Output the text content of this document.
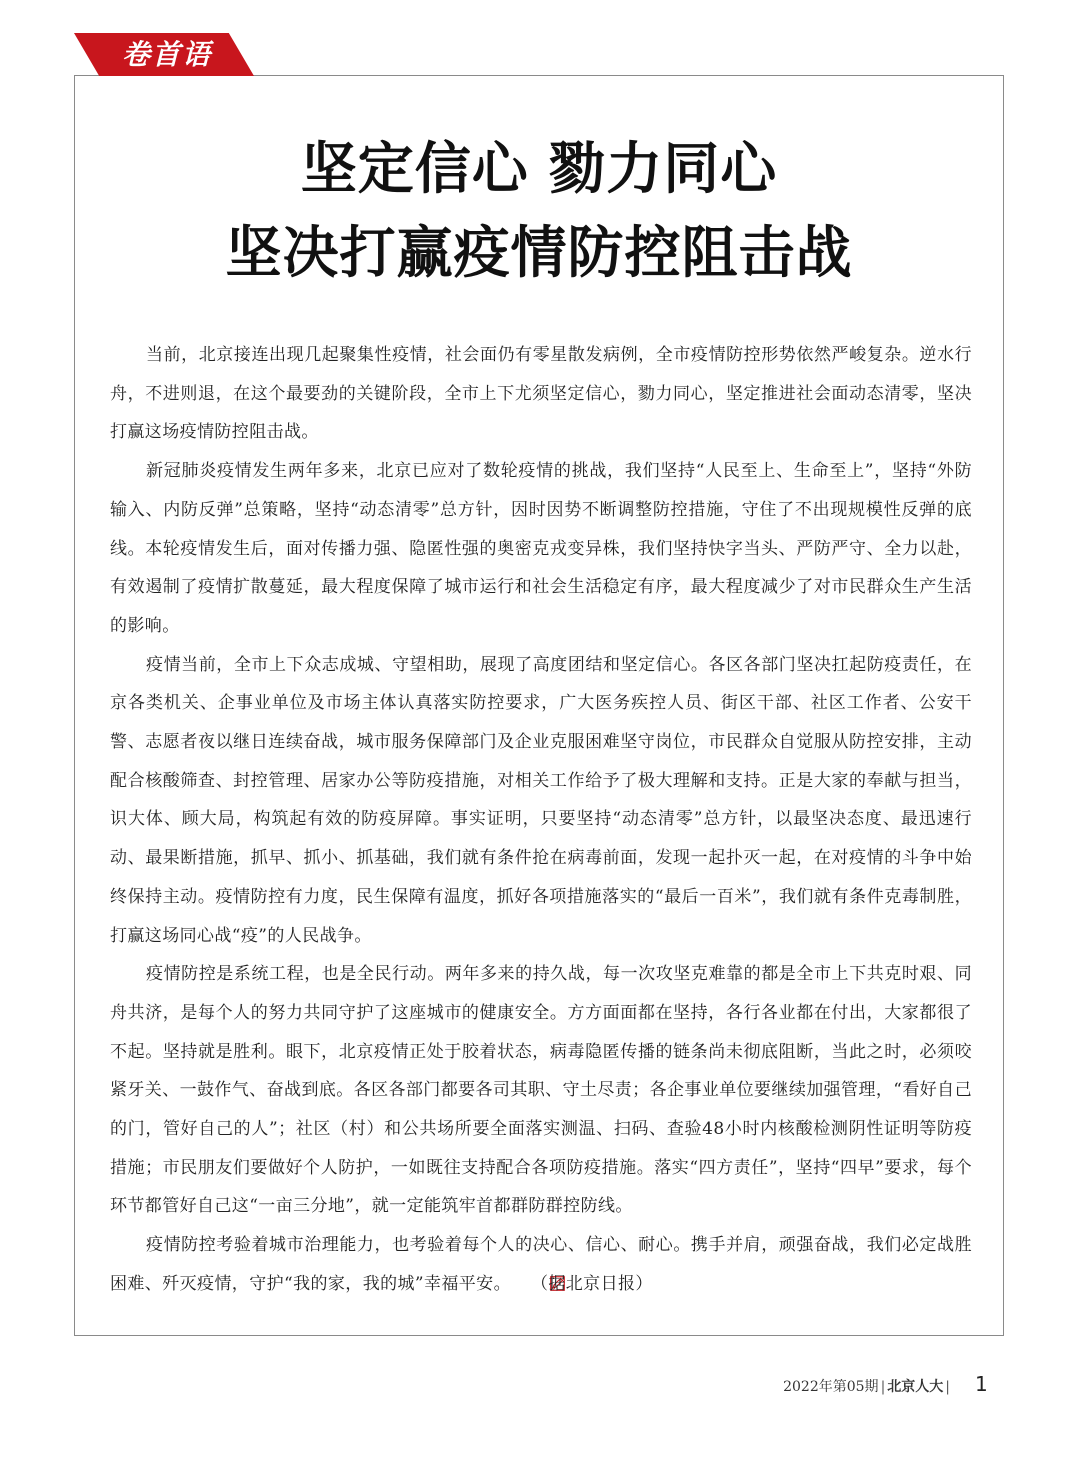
卷首语
坚定信心 勠力同心
坚决打赢疫情防控阻击战

当前，北京接连出现几起聚集性疫情，社会面仍有零星散发病例，全市疫情防控形势依然严峻复杂。逆水行舟，不进则退，在这个最要劲的关键阶段，全市上下尤须坚定信心，勠力同心，坚定推进社会面动态清零，坚决打赢这场疫情防控阻击战。

新冠肺炎疫情发生两年多来，北京已应对了数轮疫情的挑战，我们坚持“人民至上、生命至上”，坚持“外防输入、内防反弹”总策略，坚持“动态清零”总方针，因时因势不断调整防控措施，守住了不出现规模性反弹的底线。本轮疫情发生后，面对传播力强、隐匿性强的奥密克戎变异株，我们坚持快字当头、严防严守、全力以赴，有效遏制了疫情扩散蔓延，最大程度保障了城市运行和社会生活稳定有序，最大程度减少了对市民群众生产生活的影响。

疫情当前，全市上下众志成城、守望相助，展现了高度团结和坚定信心。各区各部门坚决扛起防疫责任，在京各类机关、企事业单位及市场主体认真落实防控要求，广大医务疾控人员、街区干部、社区工作者、公安干警、志愿者夜以继日连续奋战，城市服务保障部门及企业克服困难坚守岗位，市民群众自觉服从防控安排，主动配合核酸筛查、封控管理、居家办公等防疫措施，对相关工作给予了极大理解和支持。正是大家的奉献与担当，识大体、顾大局，构筑起有效的防疫屏障。事实证明，只要坚持“动态清零”总方针，以最坚决态度、最迅速行动、最果断措施，抓早、抓小、抓基础，我们就有条件抢在病毒前面，发现一起扑灭一起，在对疫情的斗争中始终保持主动。疫情防控有力度，民生保障有温度，抓好各项措施落实的“最后一百米”，我们就有条件克毒制胜，打赢这场同心战“疫”的人民战争。

疫情防控是系统工程，也是全民行动。两年多来的持久战，每一次攻坚克难靠的都是全市上下共克时艰、同舟共济，是每个人的努力共同守护了这座城市的健康安全。方方面面都在坚持，各行各业都在付出，大家都很了不起。坚持就是胜利。眼下，北京疫情正处于胶着状态，病毒隐匿传播的链条尚未彻底阻断，当此之时，必须咬紧牙关、一鼓作气、奋战到底。各区各部门都要各司其职、守土尽责；各企事业单位要继续加强管理，“看好自己的门，管好自己的人”；社区（村）和公共场所要全面落实测温、扫码、查验48小时内核酸检测阴性证明等防疫措施；市民朋友们要做好个人防护，一如既往支持配合各项防疫措施。落实“四方责任”，坚持“四早”要求，每个环节都管好自己这“一亩三分地”，就一定能筑牢首都群防群控防线。

疫情防控考验着城市治理能力，也考验着每个人的决心、信心、耐心。携手并肩，顽强奋战，我们必定战胜困难、歼灭疫情，守护“我的家，我的城”幸福平安。 （据北京日报）

2022年第05期 | 北京人大 | 1
